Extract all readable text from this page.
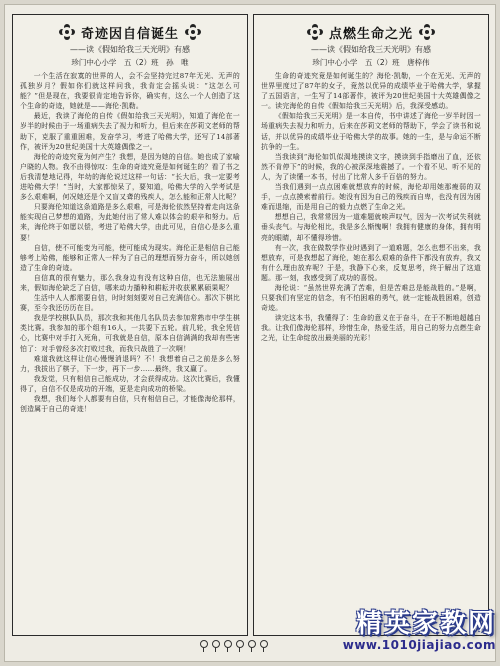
奇迹因自信诞生
——读《假如给我三天光明》有感
珍门中心小学　五（2）班　孙　唯

一个生活在寂寞的世界的人，会不会坚持完过87年无光、无声的孤独岁月？假如你们就这样问我，我肯定会摇头说：“这怎么可能？”但是现在，我要很肯定地告诉你，确实有，这么一个人创造了这个生命的奇迹，她就是——海伦·凯勒。

最近，我读了海伦的自传《假如给我三天光明》，知道了海伦在一岁半的时候由于一场重病失去了视力和听力，但后来在莎莉文老师的帮助下，克服了重重困难，发奋学习，考进了哈佛大学，还写了14部著作，被评为20世纪美国十大英雄偶像之一。

海伦的奇迹究竟为何产生？我想，是因为她的自信。她也成了家喻户晓的人物。我不由得惊叹：生命的奇迹究竟是如何诞生的？看了书之后我清楚地记得，年幼的海伦说过这样一句话：“长大后，我一定要考进哈佛大学！”当时，大家都惊呆了，要知道，哈佛大学的入学考试是多么艰难啊，何况她还是个又盲又聋的残疾人，怎么能和正常人比呢？

只要海伦知道这条道路是多么艰难，可是海伦依然坚持着走向这条能实现自己梦想的道路，为此她付出了常人难以体会的艰辛和努力。后来，海伦终于如愿以偿，考进了哈佛大学，由此可见，自信心是多么重要！

自信，使不可能变为可能，使可能成为现实。海伦正是相信自己能够考上哈佛，能够和正常人一样为了自己的理想而努力奋斗，所以她创造了生命的奇迹。

自信真的很有魅力，那么我身边有没有这种自信，也无法施展出来，假如海伦缺乏了自信，哪来动力播种和耕耘并收获累累硕果呢？

生活中人人都需要自信，时时刻刻要对自己充满信心。那次下棋比赛，至今我还历历在目。

我是学校棋队队员，那次我和其他几名队员去参加常熟市中学生棋类比赛。我参加的那个组有16人，一共要下五轮。前几轮，我全凭信心，比赛中对手打入死角，可我就是自信，原本自信满满的我却有些害怕了：对手曾经多次打败过我，而我只战胜了一次啊！

难道我就这样让信心慢慢消退吗？不！我想着自己之前是多么努力，我拔出了棋子，下一步，再下一步……最终，我又赢了。

我发觉，只有相信自己能成功，才会获得成功。这次比赛后，我懂得了，自信不仅是成功的开端，更是走向成功的桥梁。

我想，我们每个人都要有自信，只有相信自己，才能像海伦那样，创造属于自己的奇迹！

点燃生命之光
——读《假如给我三天光明》有感
珍门中心小学　五（2）班　唐梓伟

生命的奇迹究竟是如何诞生的？海伦·凯勒，一个在无光、无声的世界里度过了87年的女子，竟然以优异的成绩毕业于哈佛大学，掌握了五国语言，一生写了14部著作，被评为20世纪美国十大英雄偶像之一。读完海伦的自传《假如给我三天光明》后，我深受感动。

《假如给我三天光明》是一本自传，书中讲述了海伦一岁半时因一场重病失去视力和听力，后来在莎莉文老师的帮助下，学会了读书和说话，并以优异的成绩毕业于哈佛大学的故事。她的一生，是与命运不断抗争的一生。

当我读到“海伦如饥似渴地摸读文字，摸读到手指磨出了血，还依然不肯停下”的时候，我的心被深深地震撼了。一个看不见、听不见的人，为了读懂一本书，付出了比常人多千百倍的努力。

当我们遇到一点点困难就想放弃的时候，海伦却用她那瘦弱的双手，一点点摸索着前行。她没有因为自己的残疾而自卑，也没有因为困难而退缩，而是用自己的毅力点燃了生命之光。

想想自己，我常常因为一道难题就唉声叹气，因为一次考试失利就垂头丧气。与海伦相比，我是多么惭愧啊！我拥有健康的身体，拥有明亮的眼睛，却不懂得珍惜。

有一次，我在做数学作业时遇到了一道难题，怎么也想不出来，我想放弃，可是我想起了海伦，她在那么艰难的条件下都没有放弃，我又有什么理由放弃呢？于是，我静下心来，反复思考，终于解出了这道题。那一刻，我感受到了成功的喜悦。

海伦说：“虽然世界充满了苦难，但是苦难总是能战胜的。”是啊，只要我们有坚定的信念，有不怕困难的勇气，就一定能战胜困难，创造奇迹。

读完这本书，我懂得了：生命的意义在于奋斗，在于不断地超越自我。让我们像海伦那样，珍惜生命，热爱生活，用自己的努力点燃生命之光，让生命绽放出最美丽的光彩！

精英家教网
www.1010jiajiao.com
